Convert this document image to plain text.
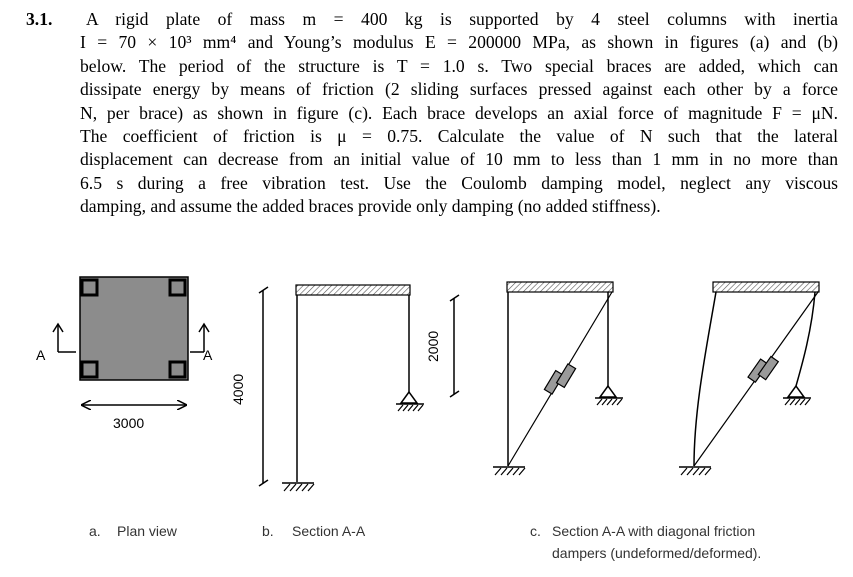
3.1.	A rigid plate of mass m = 400 kg is supported by 4 steel columns with inertia
I = 70 × 10³ mm⁴ and Young’s modulus E = 200000 MPa, as shown in figures (a) and (b)
below. The period of the structure is T = 1.0 s. Two special braces are added, which can
dissipate energy by means of friction (2 sliding surfaces pressed against each other by a force
N, per brace) as shown in figure (c). Each brace develops an axial force of magnitude F = μN.
The coefficient of friction is μ = 0.75. Calculate the value of N such that the lateral
displacement can decrease from an initial value of 10 mm to less than 1 mm in no more than
6.5 s during a free vibration test. Use the Coulomb damping model, neglect any viscous
damping, and assume the added braces provide only damping (no added stiffness).
A	A
3000
a. Plan view
4000
2000
b. Section A-A	c. Section A-A with diagonal friction
dampers (undeformed/deformed).
